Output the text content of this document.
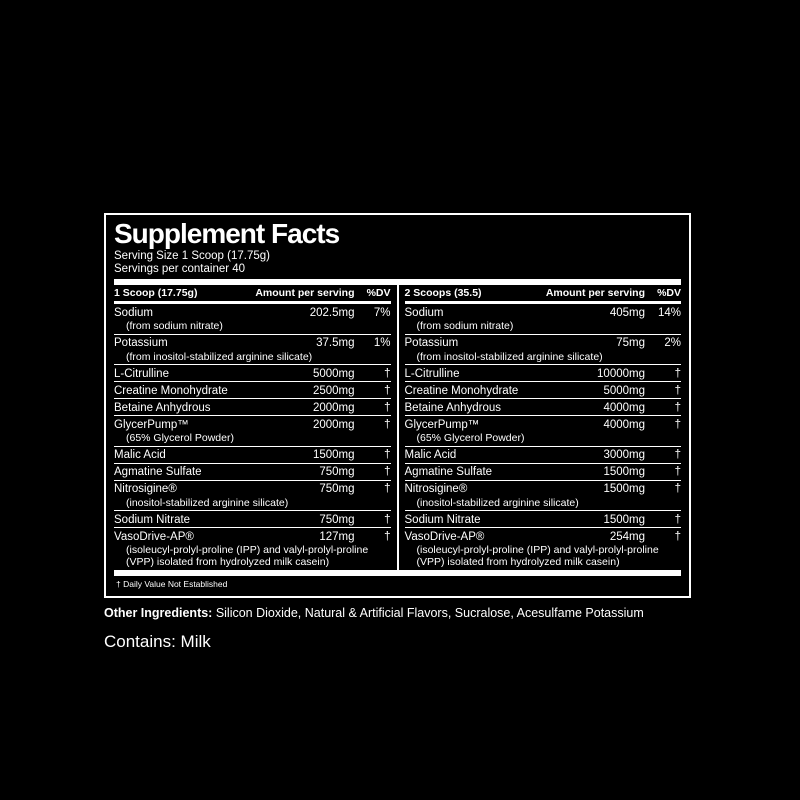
Supplement Facts
Serving Size 1 Scoop (17.75g)
Servings per container 40
1 Scoop (17.75g)	Amount per serving	%DV
Sodium	202.5mg	7%
(from sodium nitrate)
Potassium	37.5mg	1%
(from inositol-stabilized arginine silicate)
L-Citrulline	5000mg	†
Creatine Monohydrate	2500mg	†
Betaine Anhydrous	2000mg	†
GlycerPump™	2000mg	†
(65% Glycerol Powder)
Malic Acid	1500mg	†
Agmatine Sulfate	750mg	†
Nitrosigine®	750mg	†
(inositol-stabilized arginine silicate)
Sodium Nitrate	750mg	†
VasoDrive-AP®	127mg	†
(isoleucyl-prolyl-proline (IPP) and valyl-prolyl-proline (VPP) isolated from hydrolyzed milk casein)
2 Scoops (35.5)	Amount per serving	%DV
Sodium	405mg	14%
(from sodium nitrate)
Potassium	75mg	2%
(from inositol-stabilized arginine silicate)
L-Citrulline	10000mg	†
Creatine Monohydrate	5000mg	†
Betaine Anhydrous	4000mg	†
GlycerPump™	4000mg	†
(65% Glycerol Powder)
Malic Acid	3000mg	†
Agmatine Sulfate	1500mg	†
Nitrosigine®	1500mg	†
(inositol-stabilized arginine silicate)
Sodium Nitrate	1500mg	†
VasoDrive-AP®	254mg	†
(isoleucyl-prolyl-proline (IPP) and valyl-prolyl-proline (VPP) isolated from hydrolyzed milk casein)
† Daily Value Not Established

Other Ingredients: Silicon Dioxide, Natural & Artificial Flavors, Sucralose, Acesulfame Potassium

Contains: Milk
